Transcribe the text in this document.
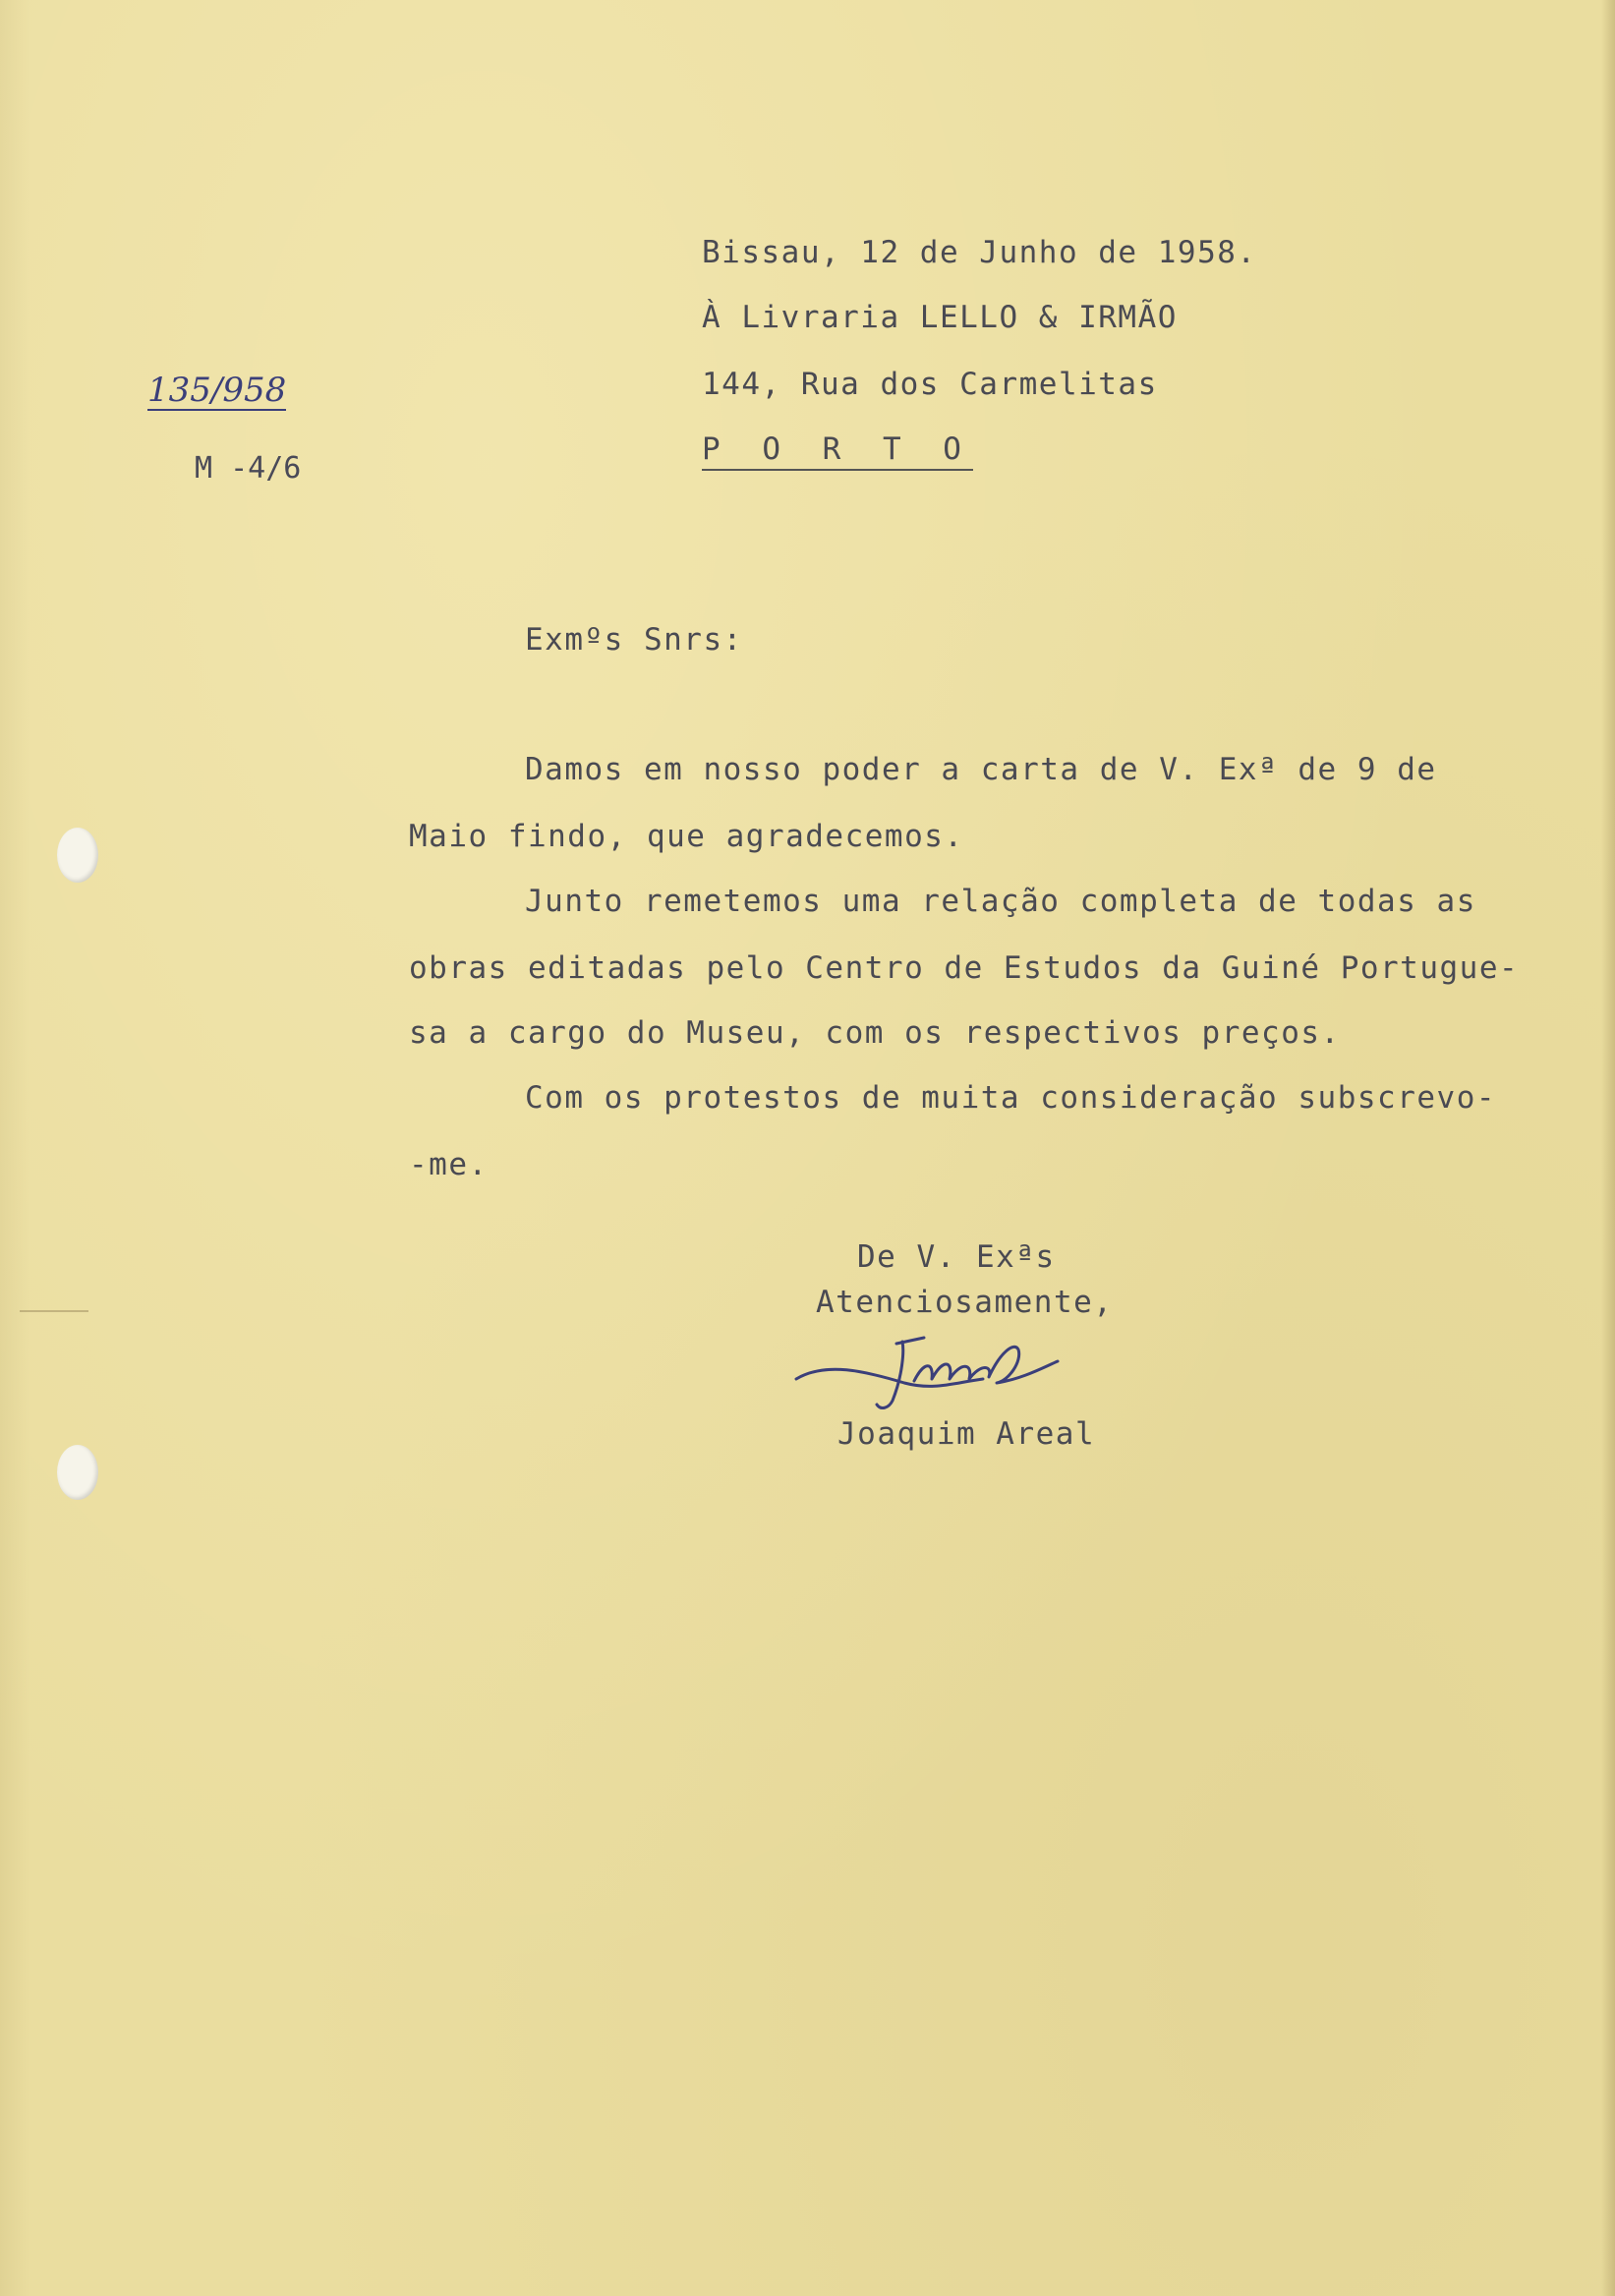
135/958
M -4/6
Bissau, 12 de Junho de 1958.
À Livraria LELLO & IRMÃO
144, Rua dos Carmelitas
P O R T O
Exmºs Snrs:
Damos em nosso poder a carta de V. Exª de 9 de
Maio findo, que agradecemos.
Junto remetemos uma relação completa de todas as
obras editadas pelo Centro de Estudos da Guiné Portugue-
sa a cargo do Museu, com os respectivos preços.
Com os protestos de muita consideração subscrevo-
-me.
De V. Exªs
Atenciosamente,
Joaquim Areal
